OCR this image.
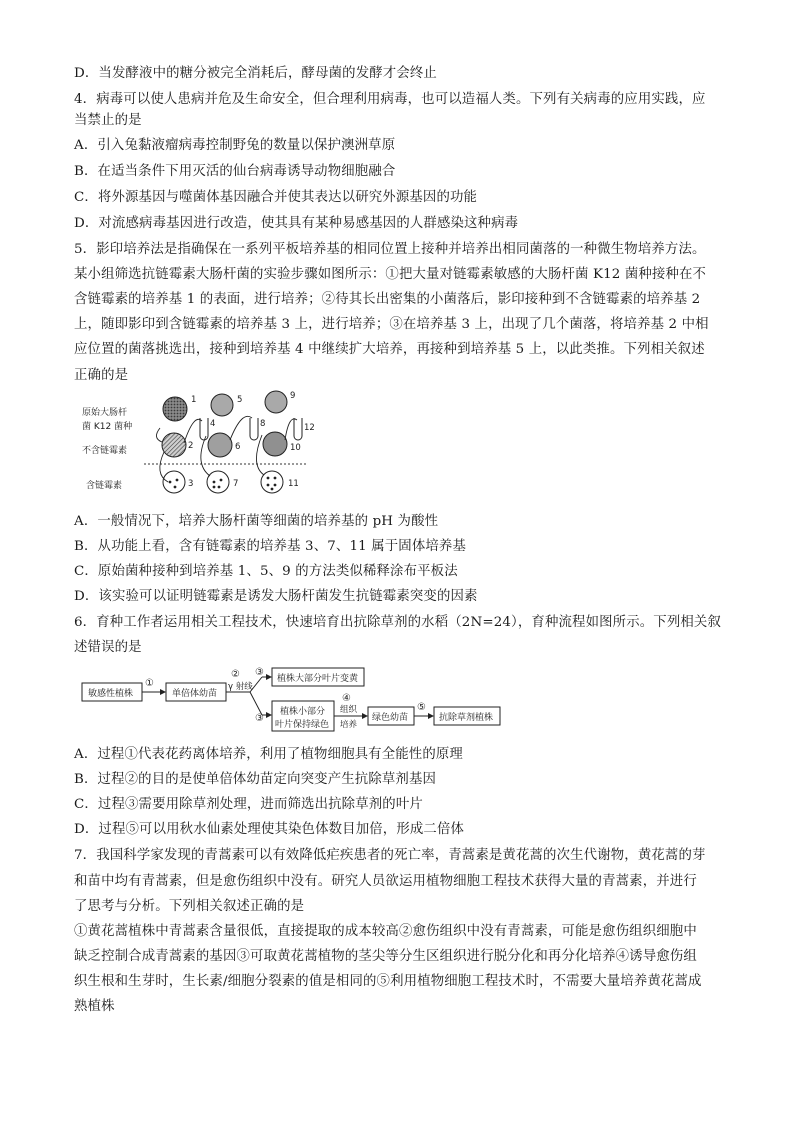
D．当发酵液中的糖分被完全消耗后，酵母菌的发酵才会终止
4．病毒可以使人患病并危及生命安全，但合理利用病毒，也可以造福人类。下列有关病毒的应用实践，应
当禁止的是
A．引入兔黏液瘤病毒控制野兔的数量以保护澳洲草原
B．在适当条件下用灭活的仙台病毒诱导动物细胞融合
C．将外源基因与噬菌体基因融合并使其表达以研究外源基因的功能
D．对流感病毒基因进行改造，使其具有某种易感基因的人群感染这种病毒
5．影印培养法是指确保在一系列平板培养基的相同位置上接种并培养出相同菌落的一种微生物培养方法。
某小组筛选抗链霉素大肠杆菌的实验步骤如图所示：①把大量对链霉素敏感的大肠杆菌 K12 菌种接种在不
含链霉素的培养基 1 的表面，进行培养；②待其长出密集的小菌落后，影印接种到不含链霉素的培养基 2
上，随即影印到含链霉素的培养基 3 上，进行培养；③在培养基 3 上，出现了几个菌落，将培养基 2 中相
应位置的菌落挑选出，接种到培养基 4 中继续扩大培养，再接种到培养基 5 上，以此类推。下列相关叙述
正确的是
原始大肠杆
菌 K12 菌种
不含链霉素
含链霉素
4
5
6
7
8
9
10
11
12
1
2
3
A．一般情况下，培养大肠杆菌等细菌的培养基的 pH 为酸性
B．从功能上看，含有链霉素的培养基 3、7、11 属于固体培养基
C．原始菌种接种到培养基 1、5、9 的方法类似稀释涂布平板法
D．该实验可以证明链霉素是诱发大肠杆菌发生抗链霉素突变的因素
6．育种工作者运用相关工程技术，快速培育出抗除草剂的水稻（2N=24），育种流程如图所示。下列相关叙
述错误的是
敏感性植株
①
单倍体幼苗
②
γ 射线
③
③
植株大部分叶片变黄
植株小部分
叶片保持绿色
④
组织
培养
绿色幼苗
⑤
抗除草剂植株
A．过程①代表花药离体培养，利用了植物细胞具有全能性的原理
B．过程②的目的是使单倍体幼苗定向突变产生抗除草剂基因
C．过程③需要用除草剂处理，进而筛选出抗除草剂的叶片
D．过程⑤可以用秋水仙素处理使其染色体数目加倍，形成二倍体
7．我国科学家发现的青蒿素可以有效降低疟疾患者的死亡率，青蒿素是黄花蒿的次生代谢物，黄花蒿的芽
和苗中均有青蒿素，但是愈伤组织中没有。研究人员欲运用植物细胞工程技术获得大量的青蒿素，并进行
了思考与分析。下列相关叙述正确的是
①黄花蒿植株中青蒿素含量很低，直接提取的成本较高②愈伤组织中没有青蒿素，可能是愈伤组织细胞中
缺乏控制合成青蒿素的基因③可取黄花蒿植物的茎尖等分生区组织进行脱分化和再分化培养④诱导愈伤组
织生根和生芽时，生长素/细胞分裂素的值是相同的⑤利用植物细胞工程技术时，不需要大量培养黄花蒿成
熟植株
